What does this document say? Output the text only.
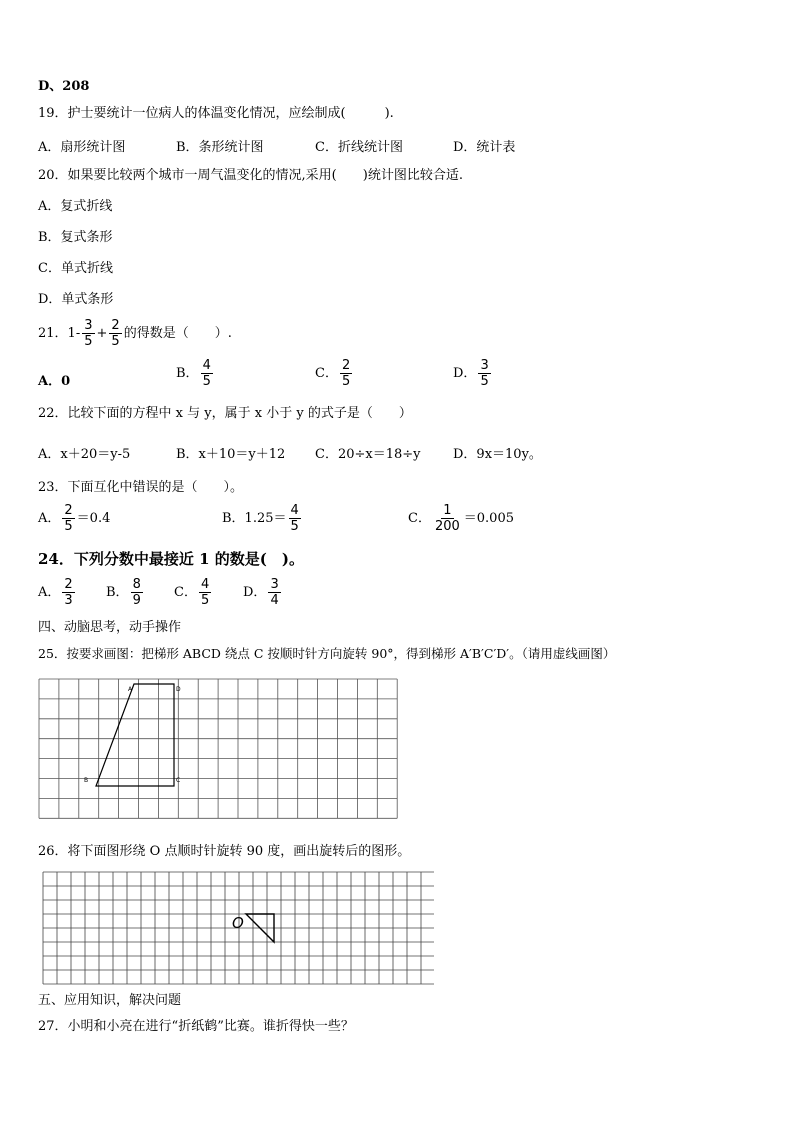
D、208
19．护士要统计一位病人的体温变化情况，应绘制成(　　　).
A．扇形统计图	B．条形统计图	C．折线统计图	D．统计表
20．如果要比较两个城市一周气温变化的情况,采用(　　)统计图比较合适.
A．复式折线
B．复式条形
C．单式折线
D．单式条形
21．$1- \frac{3}{5} + \frac{2}{5}$ 的得数是（　　）.
A．0
B． $\frac{4}{5}$	C． $\frac{2}{5}$	D． $\frac{3}{5}$
22．比较下面的方程中 x 与 y，属于 x 小于 y 的式子是（　　）
A．x＋20＝y-5	B．x＋10＝y＋12 C．20÷x＝18÷y	D．9x＝10y。
23．下面互化中错误的是（　　）。
A． $\frac{2}{5} =0.4$	B．$1.25= \frac{4}{5}$	C． $\frac{1}{200} =0.005$
24．下列分数中最接近 1 的数是(　)。
A． $\frac{2}{3}$ B． $\frac{8}{9}$ C． $\frac{4}{5}$ D． $\frac{3}{4}$
四、动脑思考，动手操作
25．按要求画图：把梯形 ABCD 绕点 C 按顺时针方向旋转 90°，得到梯形 A′B′C′D′。（请用虚线画图）
A	D
B	C
26．将下面图形绕 O 点顺时针旋转 90 度，画出旋转后的图形。
O
五、应用知识，解决问题
27．小明和小亮在进行“折纸鹤”比赛。谁折得快一些？
